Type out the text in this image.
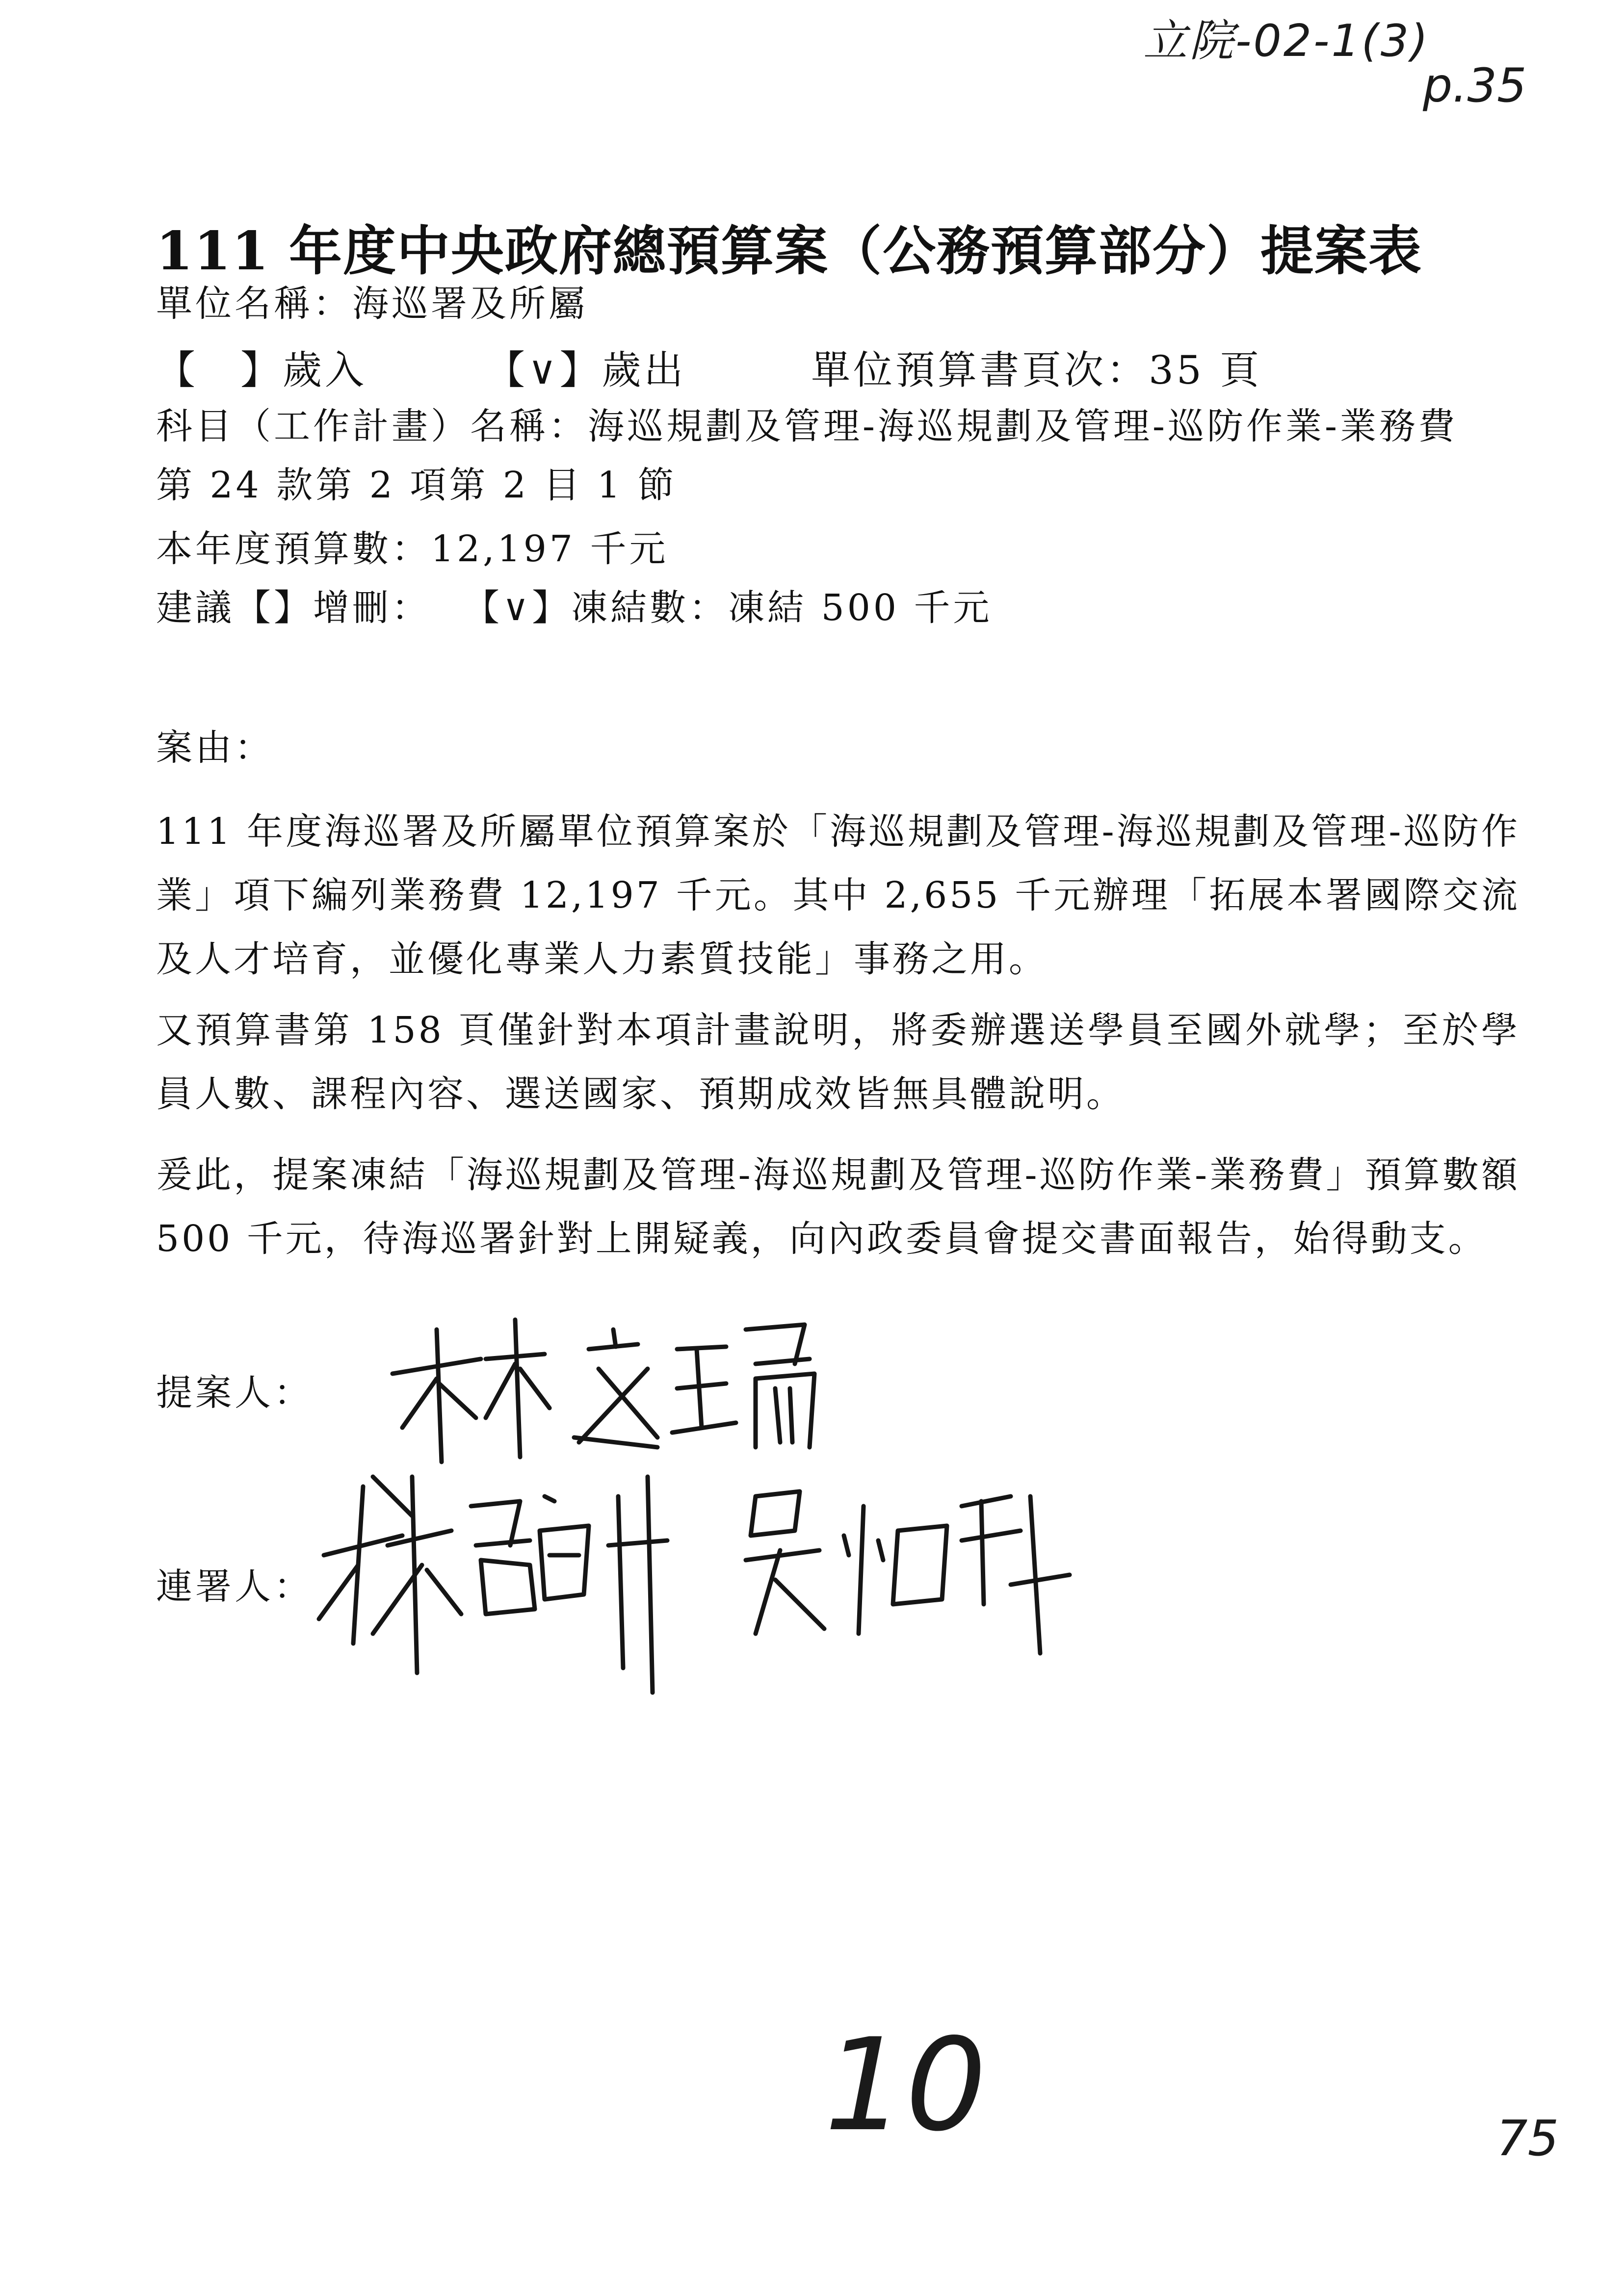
立院-02-1(3)
p.35
111 年度中央政府總預算案（公務預算部分）提案表
單位名稱：海巡署及所屬
【　】歲入	【∨】歲出	單位預算書頁次：35 頁
科目（工作計畫）名稱：海巡規劃及管理-海巡規劃及管理-巡防作業-業務費
第 24 款第 2 項第 2 目 1 節
本年度預算數：12,197 千元
建議【】增刪： 【∨】凍結數：凍結 500 千元
案由：

111 年度海巡署及所屬單位預算案於「海巡規劃及管理-海巡規劃及管理-巡防作業」項下編列業務費 12,197 千元。其中 2,655 千元辦理「拓展本署國際交流及人才培育，並優化專業人力素質技能」事務之用。

又預算書第 158 頁僅針對本項計畫說明，將委辦選送學員至國外就學；至於學員人數、課程內容、選送國家、預期成效皆無具體說明。

爰此，提案凍結「海巡規劃及管理-海巡規劃及管理-巡防作業-業務費」預算數額 500 千元，待海巡署針對上開疑義，向內政委員會提交書面報告，始得動支。

提案人：
連署人：
10	75
